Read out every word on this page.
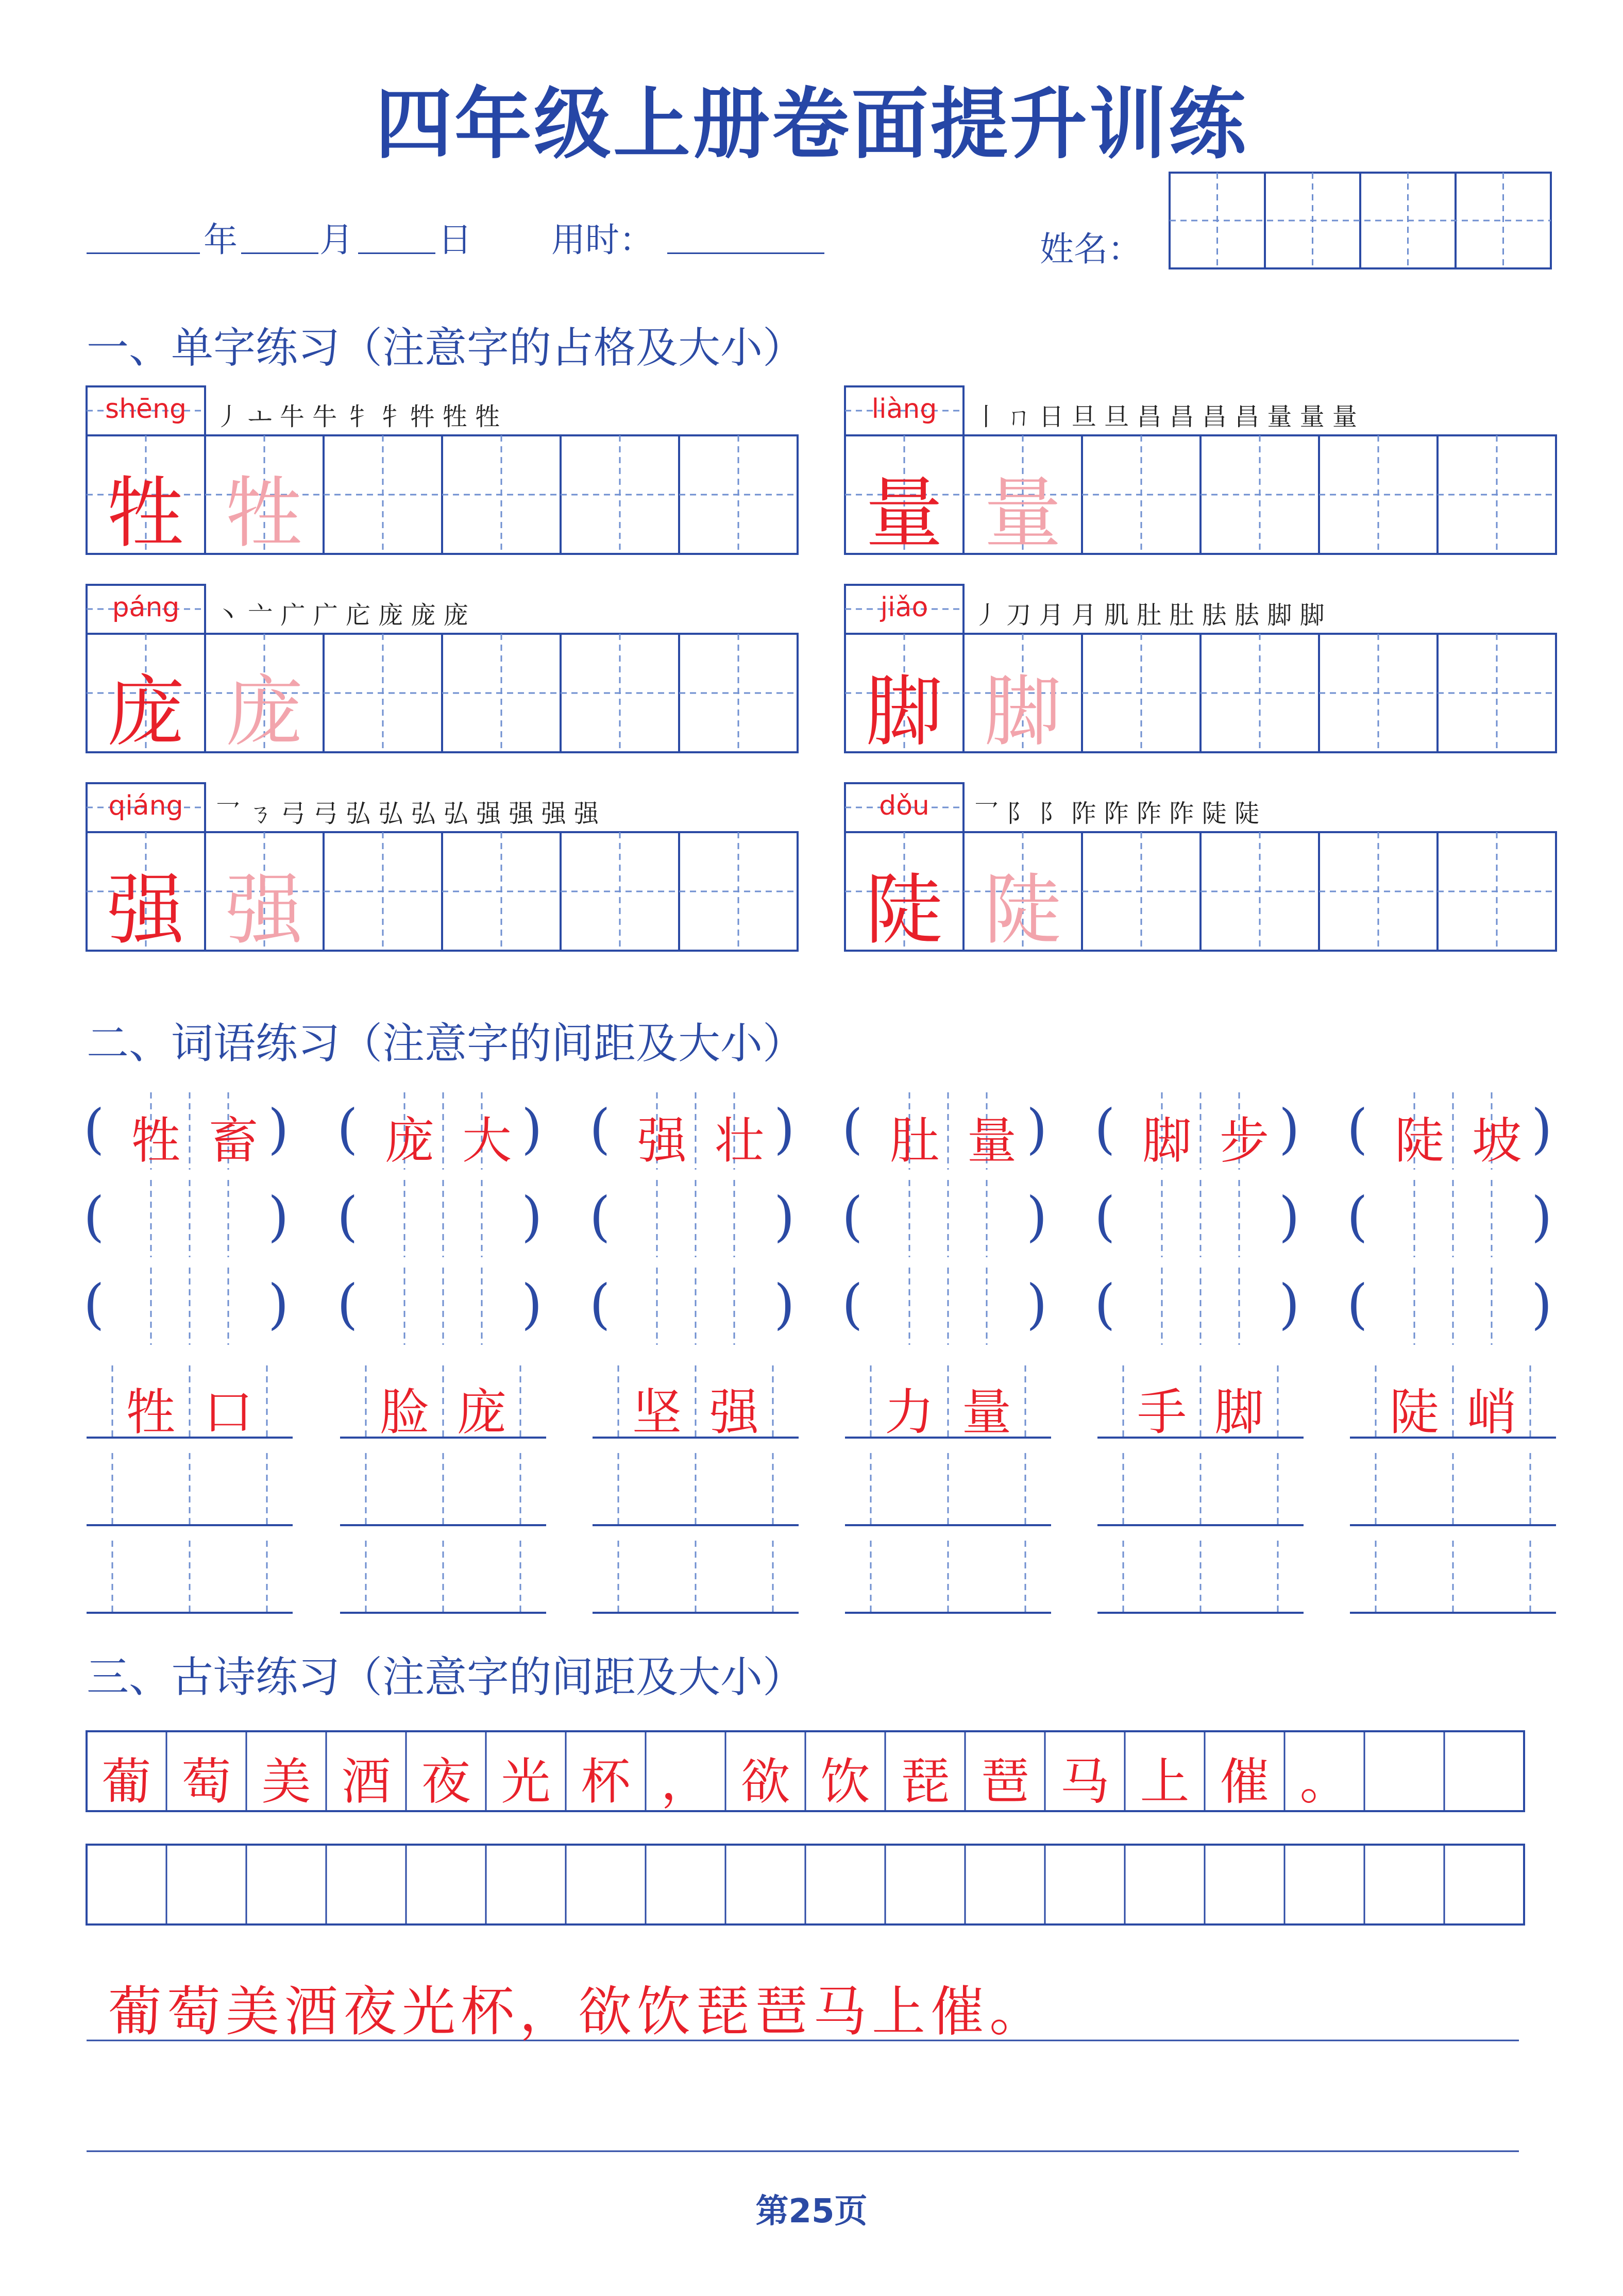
四年级上册卷面提升训练
年 月 日 用时：	姓名：
一、单字练习（注意字的占格及大小）
二、词语练习（注意字的间距及大小）
三、古诗练习（注意字的间距及大小）
葡萄美酒夜光杯，欲饮琵琶马上催。
第25页
shēng	丿 ㅗ 牛 牛 牜 牜 牪 牲 牲
牲 牲
liàng	丨 ㄇ 日 旦 旦 昌 昌 昌 昌 量 量 量
量 量
páng	丶 亠 广 广 庀 庞 庞 庞
庞 庞
jiǎo	丿 刀 月 月 肌 肚 肚 胠 胠 脚 脚
脚 脚
qiáng	乛 ㄋ 弓 弓 弘 弘 弘 弘 强 强 强 强
强 强
dǒu	乛 阝 阝 阼 阼 阼 阼 陡 陡
陡 陡
(	)
牲 畜
(	)
(	)
(	)
庞 大
(	)
(	)
(	)
强 壮
(	)
(	)
(	)
肚 量
(	)
(	)
(	)
脚 步
(	)
(	)
(	)
陡 坡
(	)
(	)
牲 口	脸 庞	坚 强	力 量	手 脚	陡 峭
葡 萄 美 酒 夜 光 杯 ， 欲 饮 琵 琶 马 上 催 。
